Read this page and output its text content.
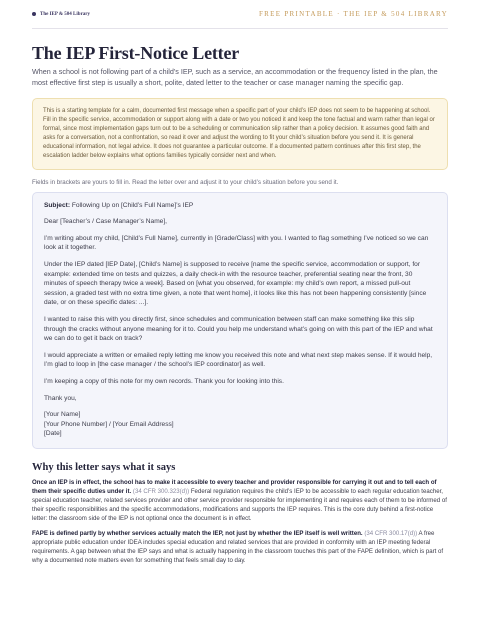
The IEP & 504 Library	FREE PRINTABLE · THE IEP & 504 LIBRARY
The IEP First-Notice Letter

When a school is not following part of a child’s IEP, such as a service, an accommodation or the frequency listed in the plan, the most effective first step is usually a short, polite, dated letter to the teacher or case manager naming the specific gap.

This is a starting template for a calm, documented first message when a specific part of your child’s IEP does not seem to be happening at school. Fill in the specific service, accommodation or support along with a date or two you noticed it and keep the tone factual and warm rather than legal or formal, since most implementation gaps turn out to be a scheduling or communication slip rather than a policy decision. It assumes good faith and asks for a conversation, not a confrontation, so read it over and adjust the wording to fit your child’s situation before you send it. It is general educational information, not legal advice. It does not guarantee a particular outcome. If a documented pattern continues after this first step, the escalation ladder below explains what options families typically consider next and when.

Fields in brackets are yours to fill in. Read the letter over and adjust it to your child’s situation before you send it.

Subject: Following Up on [Child’s Full Name]’s IEP

Dear [Teacher’s / Case Manager’s Name],

I’m writing about my child, [Child’s Full Name], currently in [Grade/Class] with you. I wanted to flag something I’ve noticed so we can look at it together.

Under the IEP dated [IEP Date], [Child’s Name] is supposed to receive [name the specific service, accommodation or support, for example: extended time on tests and quizzes, a daily check-in with the resource teacher, preferential seating near the front, 30 minutes of speech therapy twice a week]. Based on [what you observed, for example: my child’s own report, a missed pull-out session, a graded test with no extra time given, a note that went home], it looks like this has not been happening consistently [since date, or on these specific dates: ...].

I wanted to raise this with you directly first, since schedules and communication between staff can make something like this slip through the cracks without anyone meaning for it to. Could you help me understand what’s going on with this part of the IEP and what we can do to get it back on track?

I would appreciate a written or emailed reply letting me know you received this note and what next step makes sense. If it would help, I’m glad to loop in [the case manager / the school’s IEP coordinator] as well.

I’m keeping a copy of this note for my own records. Thank you for looking into this.

Thank you,

[Your Name]
[Your Phone Number] / [Your Email Address]
[Date]

Why this letter says what it says

Once an IEP is in effect, the school has to make it accessible to every teacher and provider responsible for carrying it out and to tell each of them their specific duties under it. (34 CFR 300.323(d)) Federal regulation requires the child’s IEP to be accessible to each regular education teacher, special education teacher, related services provider and other service provider responsible for implementing it and requires each of them to be informed of their specific responsibilities and the specific accommodations, modifications and supports the IEP requires. This is the core duty behind a first-notice letter: the classroom side of the IEP is not optional once the document is in effect.

FAPE is defined partly by whether services actually match the IEP, not just by whether the IEP itself is well written. (34 CFR 300.17(d)) A free appropriate public education under IDEA includes special education and related services that are provided in conformity with an IEP meeting federal requirements. A gap between what the IEP says and what is actually happening in the classroom touches this part of the FAPE definition, which is part of why a documented note matters even for something that feels small day to day.
